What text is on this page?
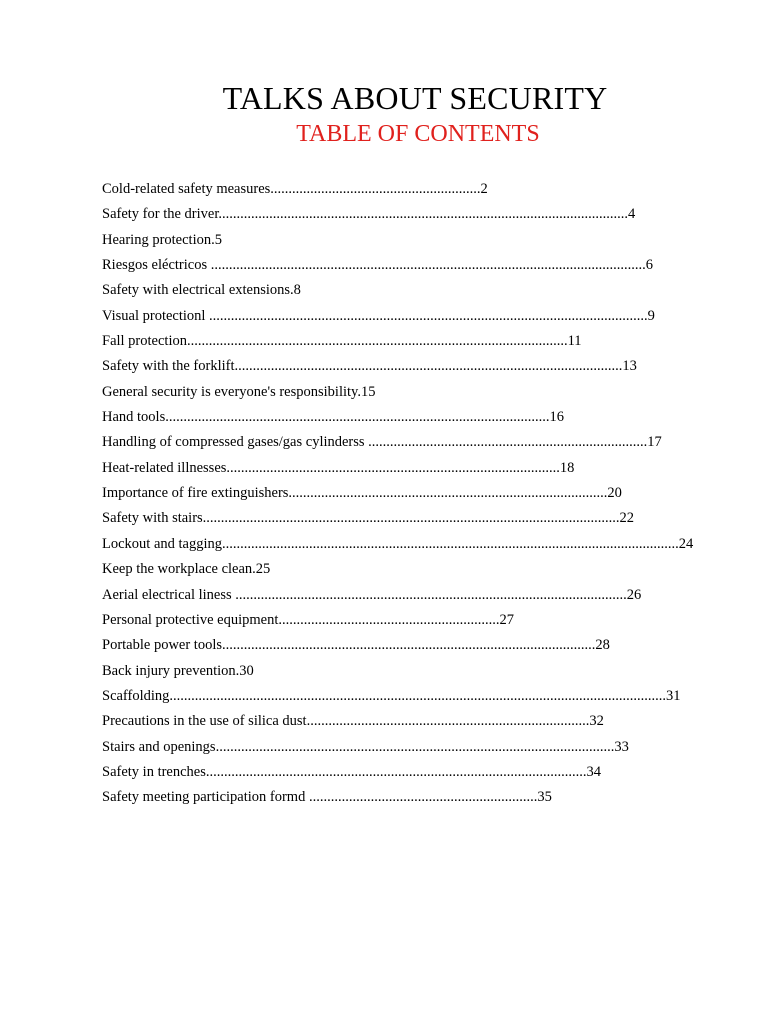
TALKS ABOUT SECURITY
TABLE OF CONTENTS
Cold-related safety measures..........................................................2
Safety for the driver.................................................................................................................4
Hearing protection.5
Riesgos eléctricos ........................................................................................................................6
Safety with electrical extensions.8
Visual protectionl .........................................................................................................................9
Fall protection.........................................................................................................11
Safety with the forklift...........................................................................................................13
General security is everyone's responsibility.15
Hand tools..........................................................................................................16
Handling of compressed gases/gas cylinderss .............................................................................17
Heat-related illnesses............................................................................................18
Importance of fire extinguishers........................................................................................20
Safety with stairs...................................................................................................................22
Lockout and tagging..............................................................................................................................24
Keep the workplace clean.25
Aerial electrical liness ............................................................................................................26
Personal protective equipment.............................................................27
Portable power tools.......................................................................................................28
Back injury prevention.30
Scaffolding.........................................................................................................................................31
Precautions in the use of silica dust..............................................................................32
Stairs and openings..............................................................................................................33
Safety in trenches.........................................................................................................34
Safety meeting participation formd ...............................................................35
